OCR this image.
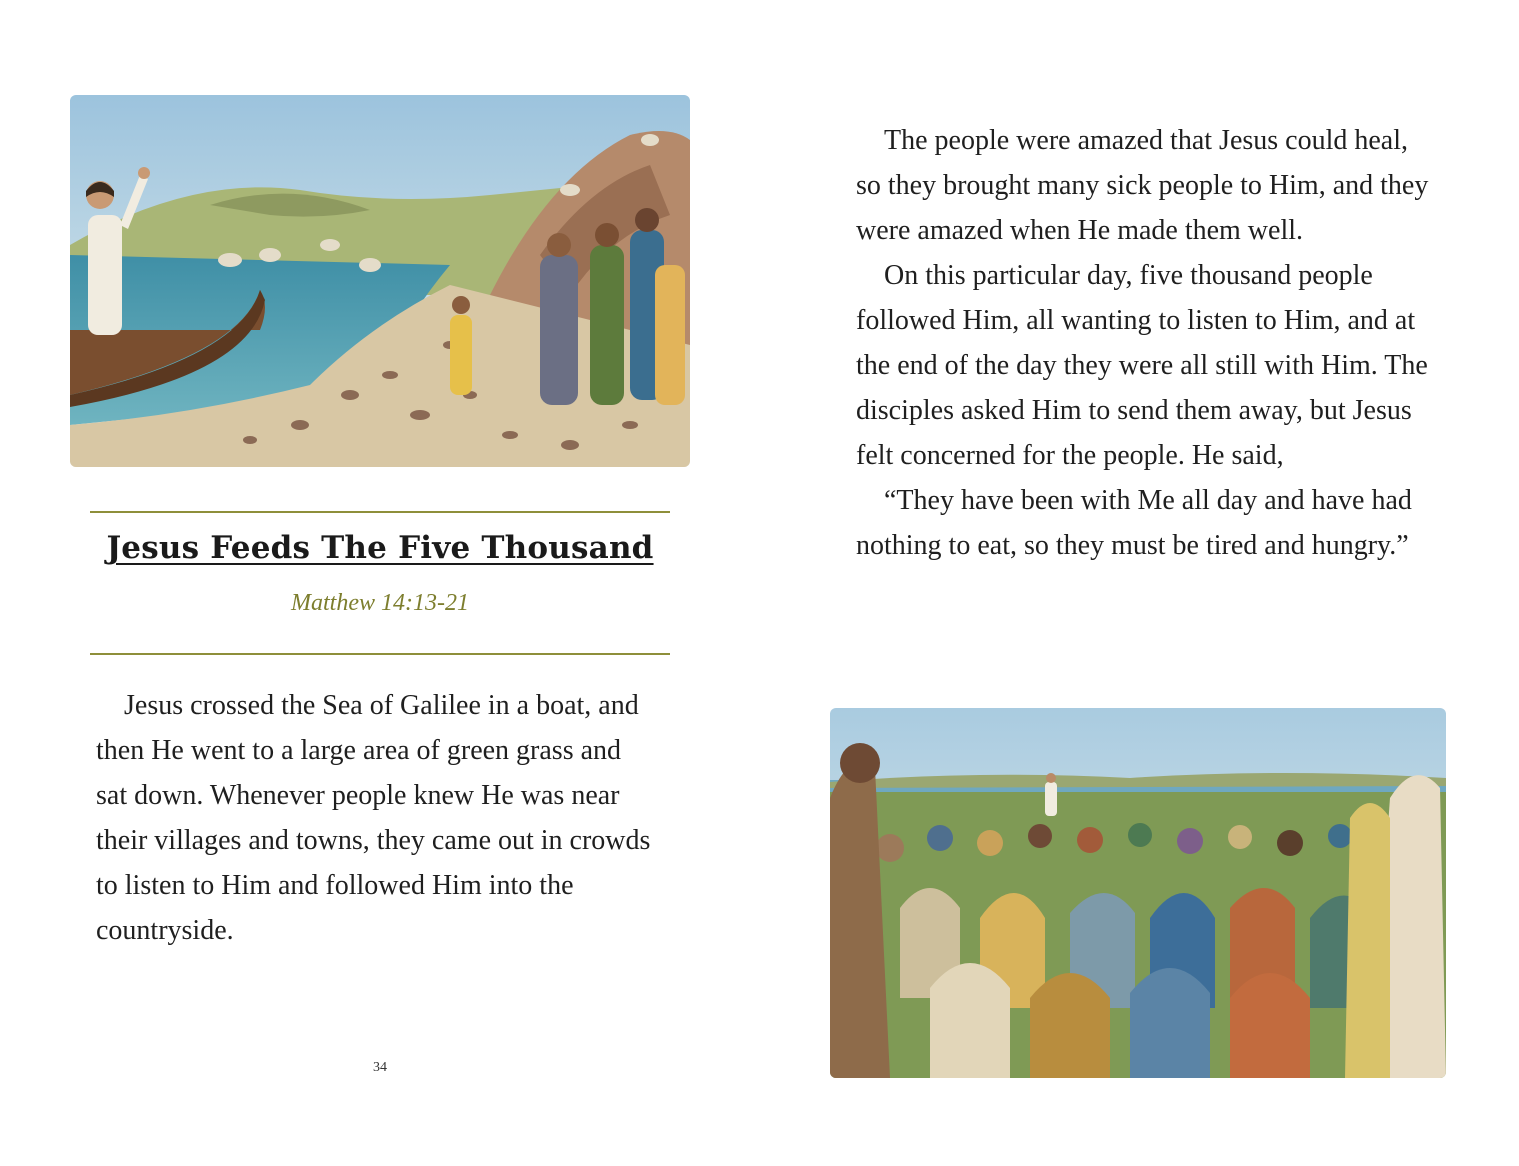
Jesus Feeds The Five Thousand
Matthew 14:13-21

Jesus crossed the Sea of Galilee in a boat, and then He went to a large area of green grass and sat down. Whenever people knew He was near their villages and towns, they came out in crowds to listen to Him and followed Him into the countryside.

34

The people were amazed that Jesus could heal, so they brought many sick people to Him, and they were amazed when He made them well.

On this particular day, five thousand people followed Him, all wanting to listen to Him, and at the end of the day they were all still with Him. The disciples asked Him to send them away, but Jesus felt concerned for the people. He said,

“They have been with Me all day and have had nothing to eat, so they must be tired and hungry.”
